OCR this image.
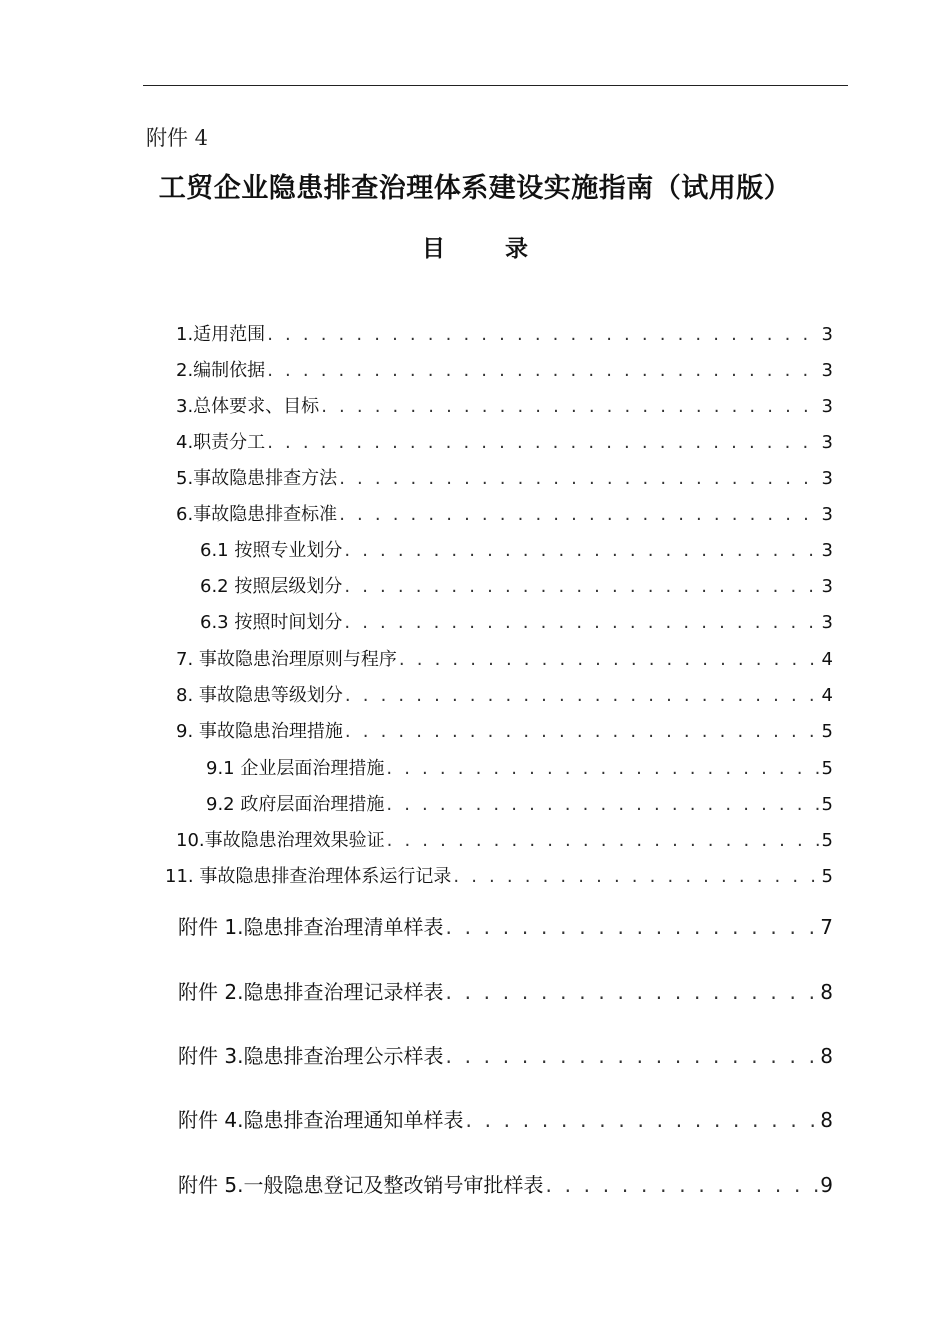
附件 4
工贸企业隐患排查治理体系建设实施指南（试用版）
目 录
1.适用范围 . . .	3
2.编制依据 . . .	3
3.总体要求、目标 . . .	3
4.职责分工 . . .	3
5.事故隐患排查方法 . . .	3
6.事故隐患排查标准 . . .	3
6.1 按照专业划分 . . .	3
6.2 按照层级划分 . . .	3
6.3 按照时间划分 . . .	3
7. 事故隐患治理原则与程序 . . .	4
8. 事故隐患等级划分 . . .	4
9. 事故隐患治理措施 . . .	5
9.1 企业层面治理措施 . . .	5
9.2 政府层面治理措施 . . .	5
10.事故隐患治理效果验证 . . .	5
11. 事故隐患排查治理体系运行记录 . . .	5
附件 1.隐患排查治理清单样表 . . .	7
附件 2.隐患排查治理记录样表 . . .	8
附件 3.隐患排查治理公示样表 . . .	8
附件 4.隐患排查治理通知单样表 . . .	8
附件 5.一般隐患登记及整改销号审批样表 . . .	9
